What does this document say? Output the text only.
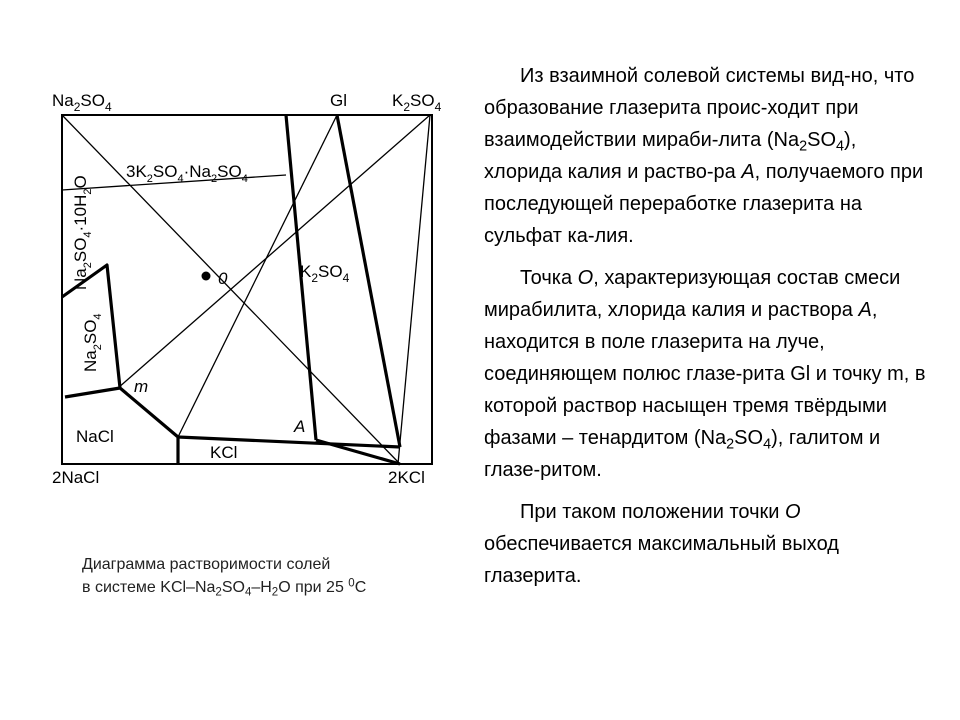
$Na_2SO_4$	Gl	$K_2SO_4$
2NaCl	2KCl
$3K_2SO_4\cdot Na_2SO_4$
$K_2SO_4$
$Na_2SO_4\cdot 10H_2O$
$Na_2SO_4$
NaCl
KCl
0
m
A
Диаграмма растворимости солей
в системе KCl–$Na_2SO_4-H_2O$ при 25 $^0$C

Из взаимной солевой системы вид-но, что образование глазерита проис-ходит при взаимодействии мираби-лита $(Na_2SO_4)$, хлорида калия и раство-ра А, получаемого при последующей переработке глазерита на сульфат ка-лия.

Точка О, характеризующая состав смеси мирабилита, хлорида калия и раствора А, находится в поле глазерита на луче, соединяющем полюс глазе-рита Gl и точку m, в которой раствор насыщен тремя твёрдыми фазами – тенардитом $(Na_2SO_4)$, галитом и глазе-ритом.

При таком положении точки О обеспечивается максимальный выход глазерита.
